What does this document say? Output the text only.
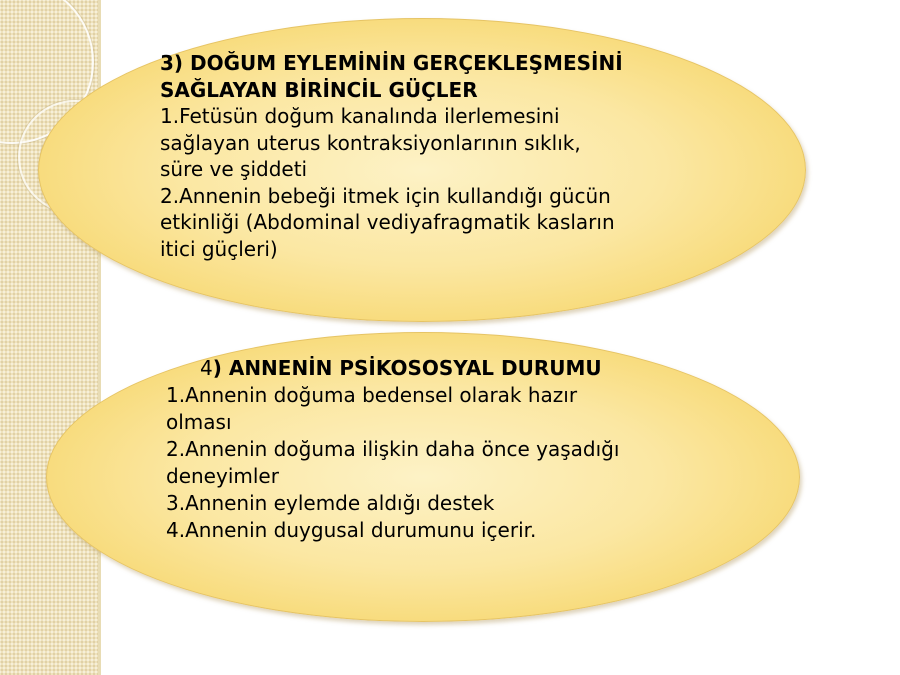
3) DOĞUM EYLEMİNİN GERÇEKLEŞMESİNİ
SAĞLAYAN BİRİNCİL GÜÇLER
1.Fetüsün doğum kanalında ilerlemesini
sağlayan uterus kontraksiyonlarının sıklık,
süre ve şiddeti
2.Annenin bebeği itmek için kullandığı gücün
etkinliği (Abdominal vediyafragmatik kasların
itici güçleri)
4) ANNENİN PSİKOSOSYAL DURUMU
1.Annenin doğuma bedensel olarak hazır
olması
2.Annenin doğuma ilişkin daha önce yaşadığı
deneyimler
3.Annenin eylemde aldığı destek
4.Annenin duygusal durumunu içerir.
